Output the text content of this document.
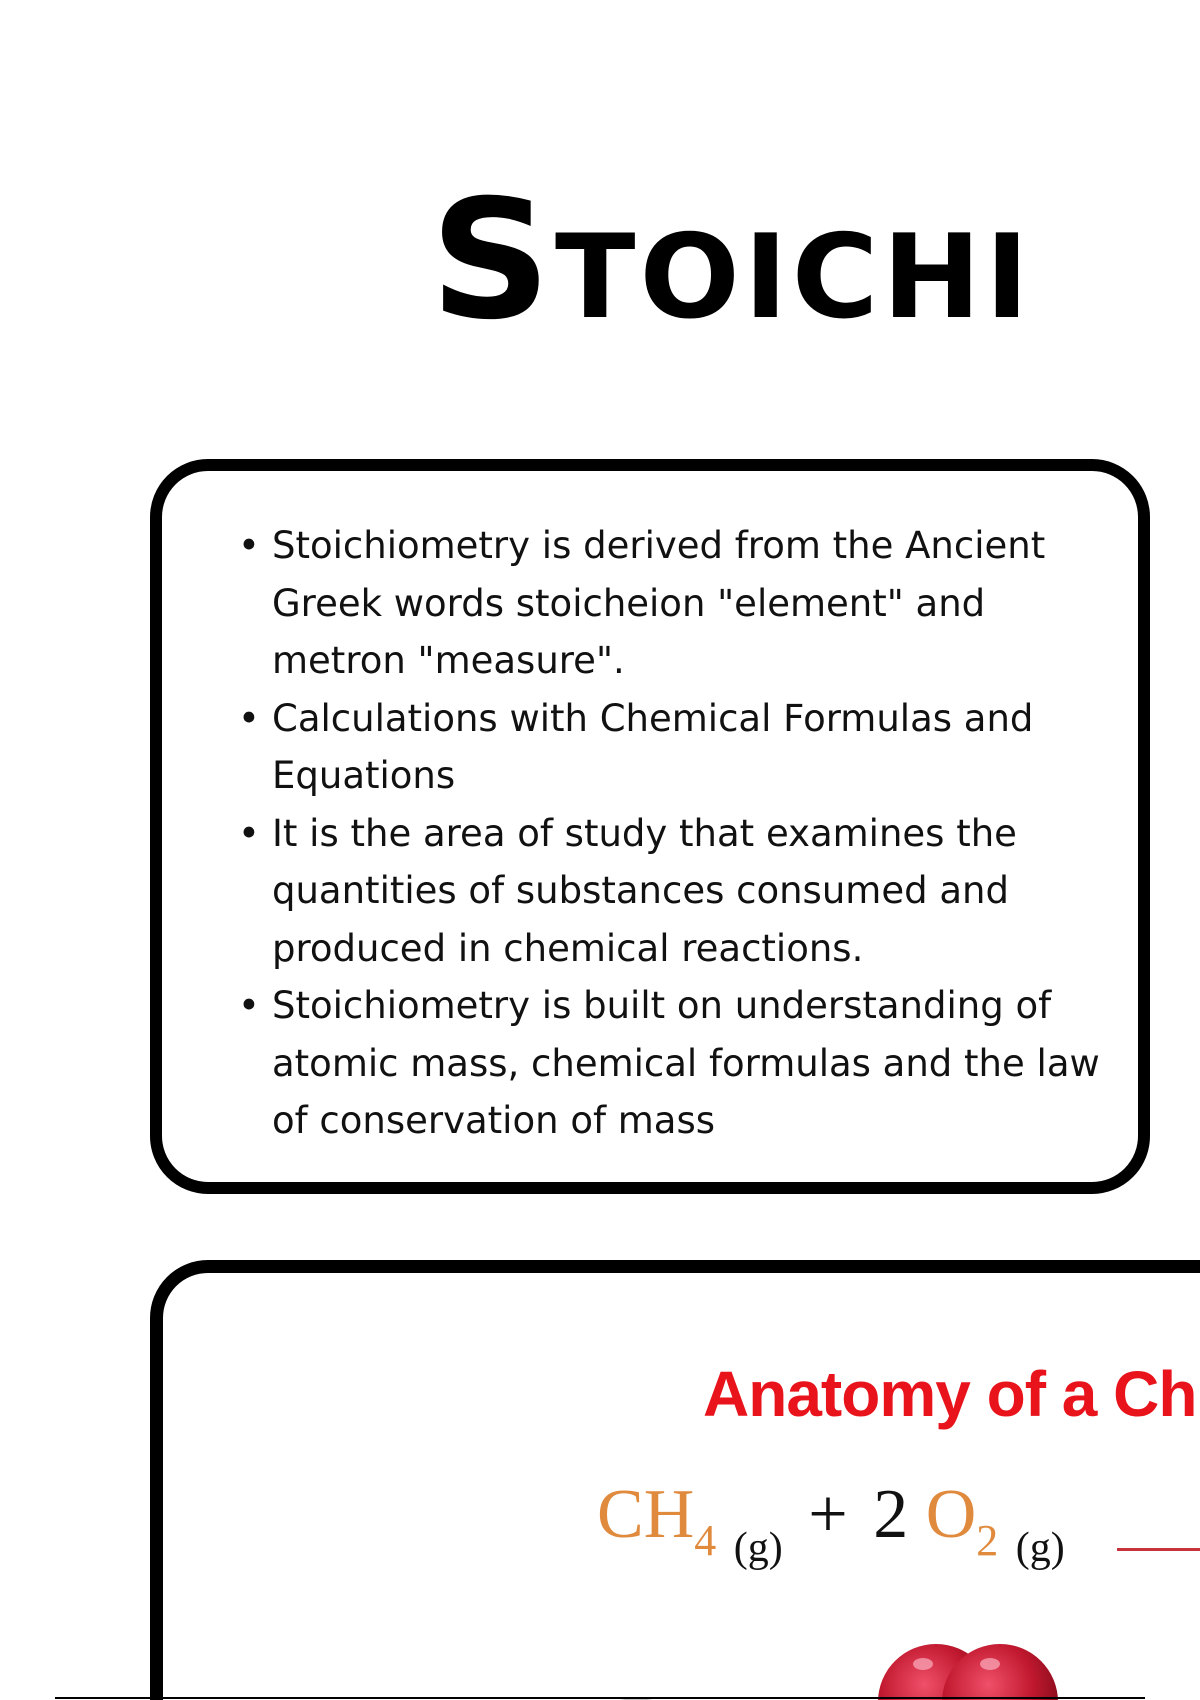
Stoichi
• Stoichiometry is derived from the Ancient Greek words stoicheion "element" and metron "measure".
• Calculations with Chemical Formulas and Equations
• It is the area of study that examines the quantities of substances consumed and produced in chemical reactions.
• Stoichiometry is built on understanding of atomic mass, chemical formulas and the law of conservation of mass
Anatomy of a Ch
$CH_4$ $_{(g)}$ + 2 $O_2$ $_{(g)}$
